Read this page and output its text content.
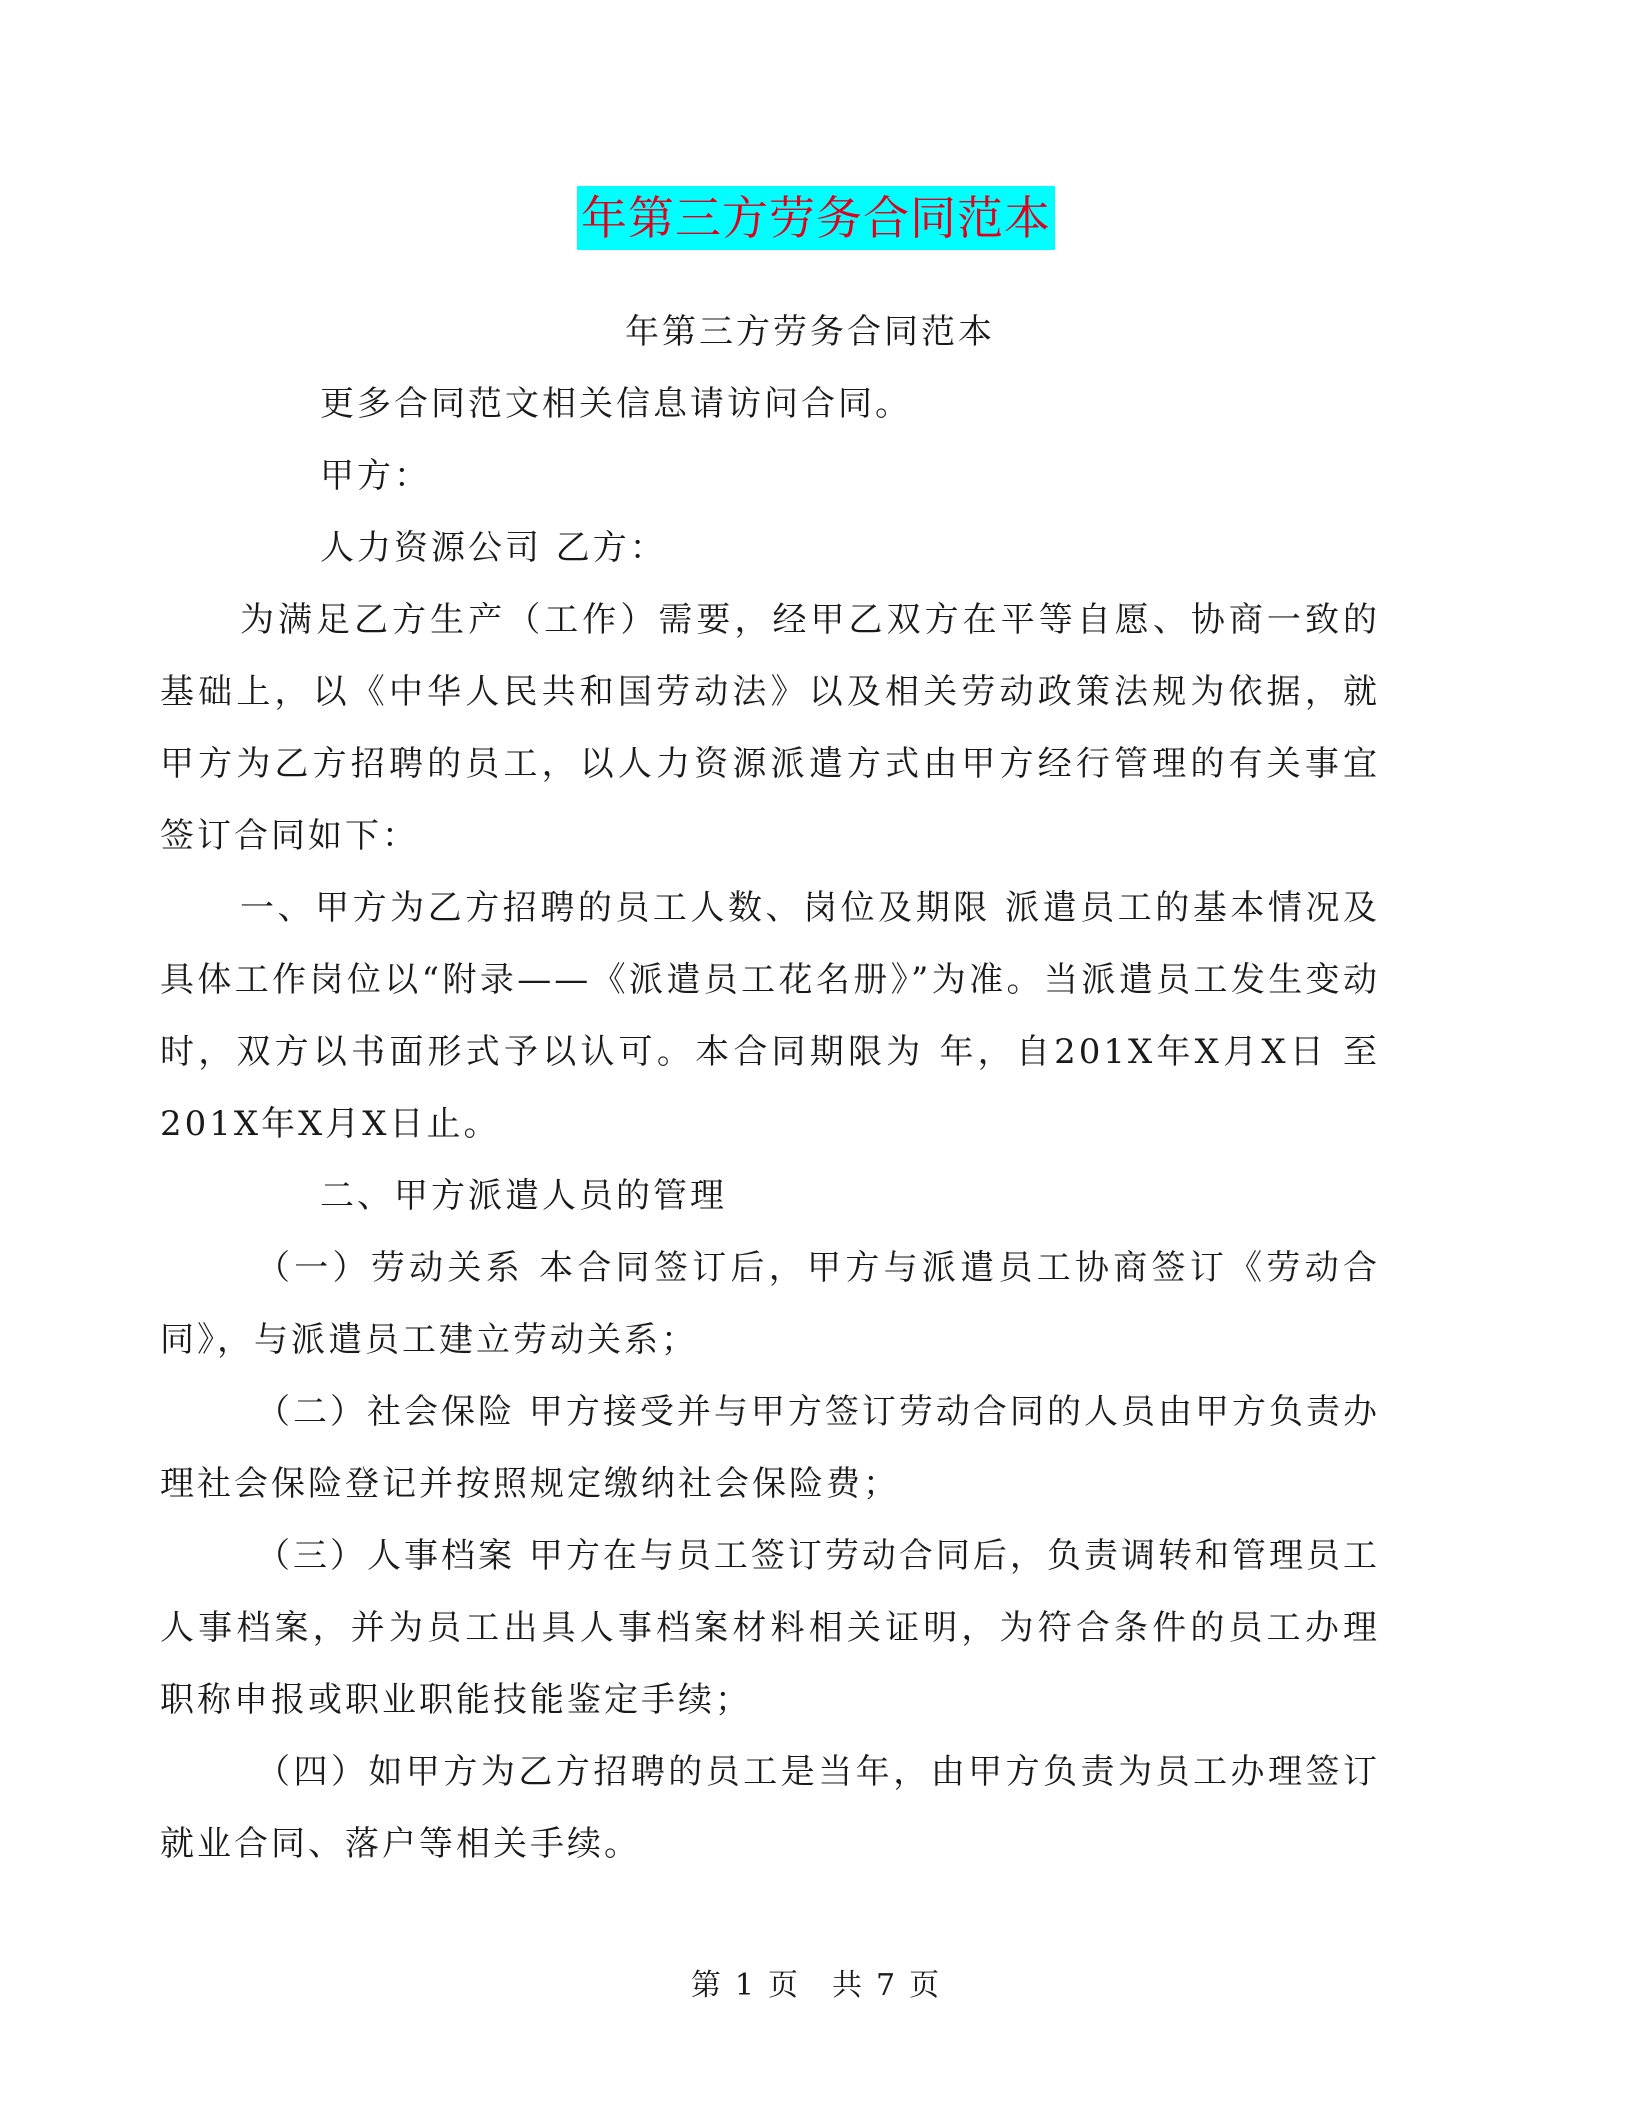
年第三方劳务合同范本

年第三方劳务合同范本

更多合同范文相关信息请访问合同。

甲方：

人力资源公司 乙方：

为满足乙方生产（工作）需要，经甲乙双方在平等自愿、协商一致的基础上，以《中华人民共和国劳动法》以及相关劳动政策法规为依据，就甲方为乙方招聘的员工，以人力资源派遣方式由甲方经行管理的有关事宜签订合同如下：

一、甲方为乙方招聘的员工人数、岗位及期限 派遣员工的基本情况及具体工作岗位以“附录——《派遣员工花名册》”为准。当派遣员工发生变动时，双方以书面形式予以认可。本合同期限为 年，自201X年X月X日 至　 201X年X月X日止。

二、甲方派遣人员的管理

（一）劳动关系 本合同签订后，甲方与派遣员工协商签订《劳动合同》，与派遣员工建立劳动关系；

（二）社会保险 甲方接受并与甲方签订劳动合同的人员由甲方负责办理社会保险登记并按照规定缴纳社会保险费；

（三）人事档案 甲方在与员工签订劳动合同后，负责调转和管理员工人事档案，并为员工出具人事档案材料相关证明，为符合条件的员工办理职称申报或职业职能技能鉴定手续；

（四）如甲方为乙方招聘的员工是当年，由甲方负责为员工办理签订就业合同、落户等相关手续。

第 1 页　共 7 页
